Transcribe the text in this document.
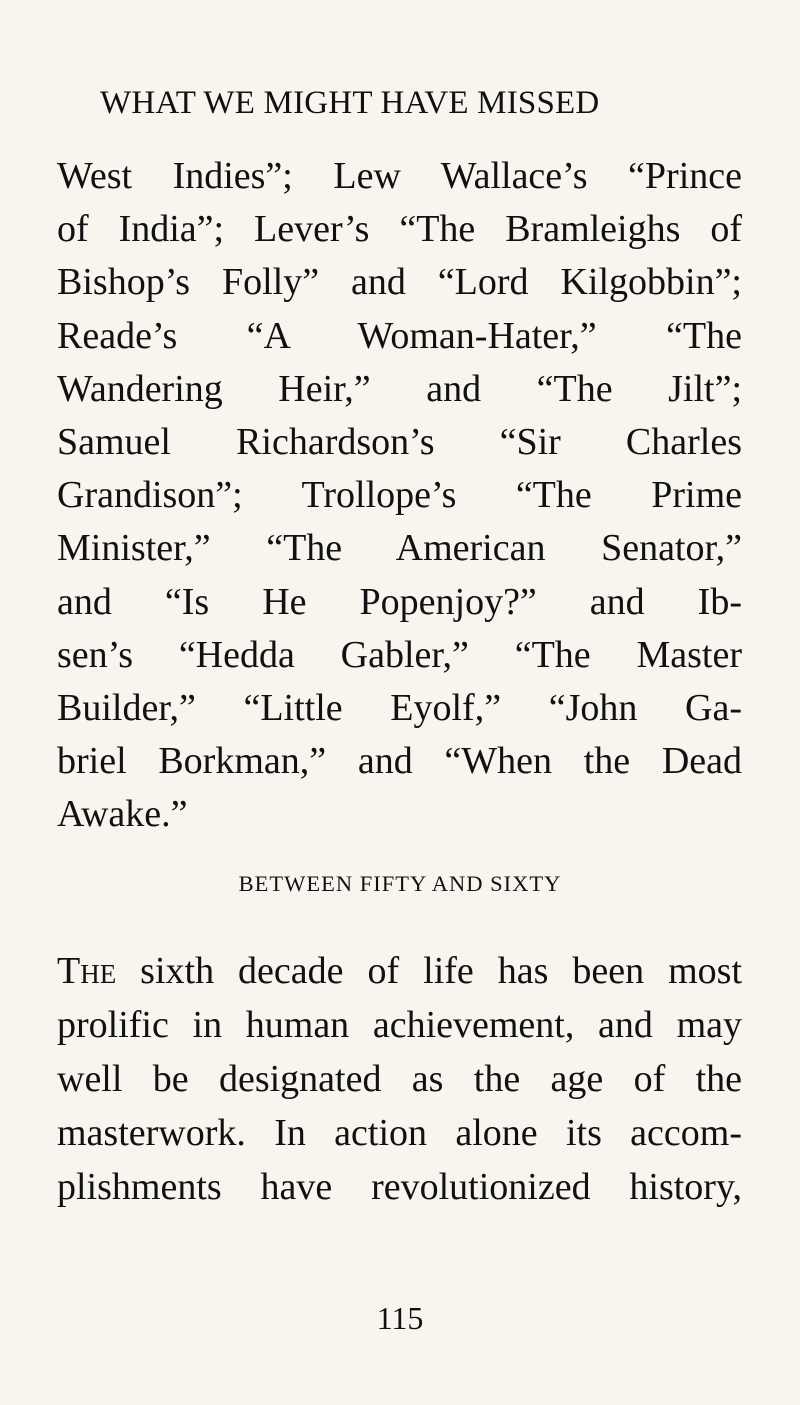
WHAT WE MIGHT HAVE MISSED
West Indies”; Lew Wallace’s “Prince
of India”; Lever’s “The Bramleighs of
Bishop’s Folly” and “Lord Kilgobbin”;
Reade’s “A Woman-Hater,” “The
Wandering Heir,” and “The Jilt”;
Samuel Richardson’s “Sir Charles
Grandison”; Trollope’s “The Prime
Minister,” “The American Senator,”
and “Is He Popenjoy?” and Ib-
sen’s “Hedda Gabler,” “The Master
Builder,” “Little Eyolf,” “John Ga-
briel Borkman,” and “When the Dead
Awake.”
BETWEEN FIFTY AND SIXTY
The sixth decade of life has been most
prolific in human achievement, and may
well be designated as the age of the
masterwork. In action alone its accom-
plishments have revolutionized history,
115
